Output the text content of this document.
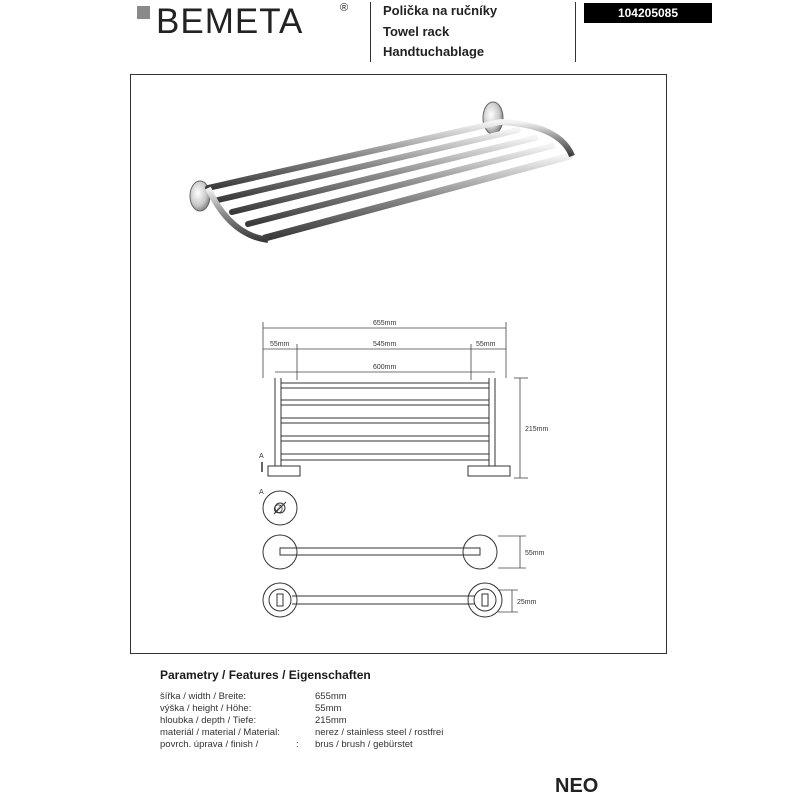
BEMETA	®	Polička na ručníky
Towel rack
Handtuchablage
104205085
655mm
55mm	545mm	55mm
600mm
215mm
A
A
∅
55mm
25mm
Parametry / Features / Eigenschaften
šířka / width / Breite:	655mm
výška / height / Höhe:	55mm
hloubka / depth / Tiefe:	215mm
materiál / material / Material:	nerez / stainless steel / rostfrei
povrch. úprava / finish /	: brus / brush / gebürstet
NEO
